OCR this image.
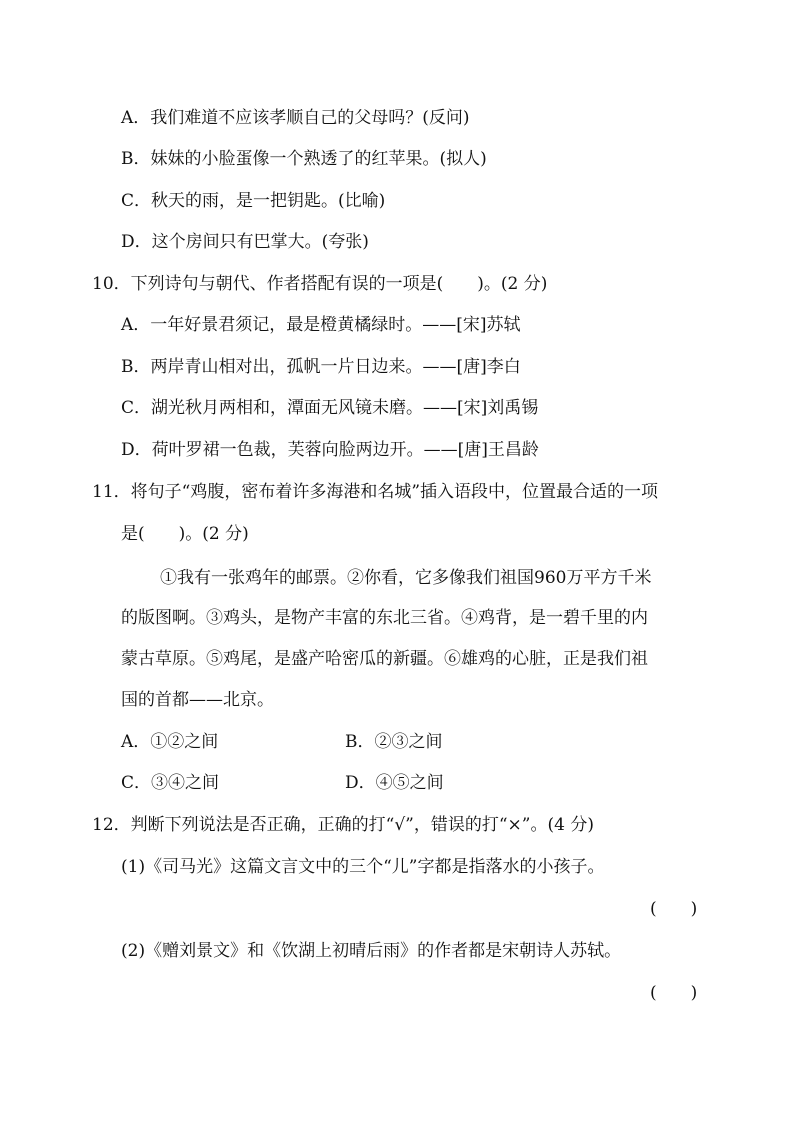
A．我们难道不应该孝顺自己的父母吗？(反问)
B．妹妹的小脸蛋像一个熟透了的红苹果。(拟人)
C．秋天的雨，是一把钥匙。(比喻)
D．这个房间只有巴掌大。(夸张)
10．下列诗句与朝代、作者搭配有误的一项是(　　)。(2 分)
A．一年好景君须记，最是橙黄橘绿时。——[宋]苏轼
B．两岸青山相对出，孤帆一片日边来。——[唐]李白
C．湖光秋月两相和，潭面无风镜未磨。——[宋]刘禹锡
D．荷叶罗裙一色裁，芙蓉向脸两边开。——[唐]王昌龄
11．将句子“鸡腹，密布着许多海港和名城”插入语段中，位置最合适的一项
是(　　)。(2 分)
①我有一张鸡年的邮票。②你看，它多像我们祖国960万平方千米
的版图啊。③鸡头，是物产丰富的东北三省。④鸡背，是一碧千里的内
蒙古草原。⑤鸡尾，是盛产哈密瓜的新疆。⑥雄鸡的心脏，正是我们祖
国的首都——北京。
A．①②之间	B．②③之间
C．③④之间	D．④⑤之间
12．判断下列说法是否正确，正确的打“√”，错误的打“×”。(4 分)
(1)《司马光》这篇文言文中的三个“儿”字都是指落水的小孩子。
(　　)
(2)《赠刘景文》和《饮湖上初晴后雨》的作者都是宋朝诗人苏轼。
(　　)
